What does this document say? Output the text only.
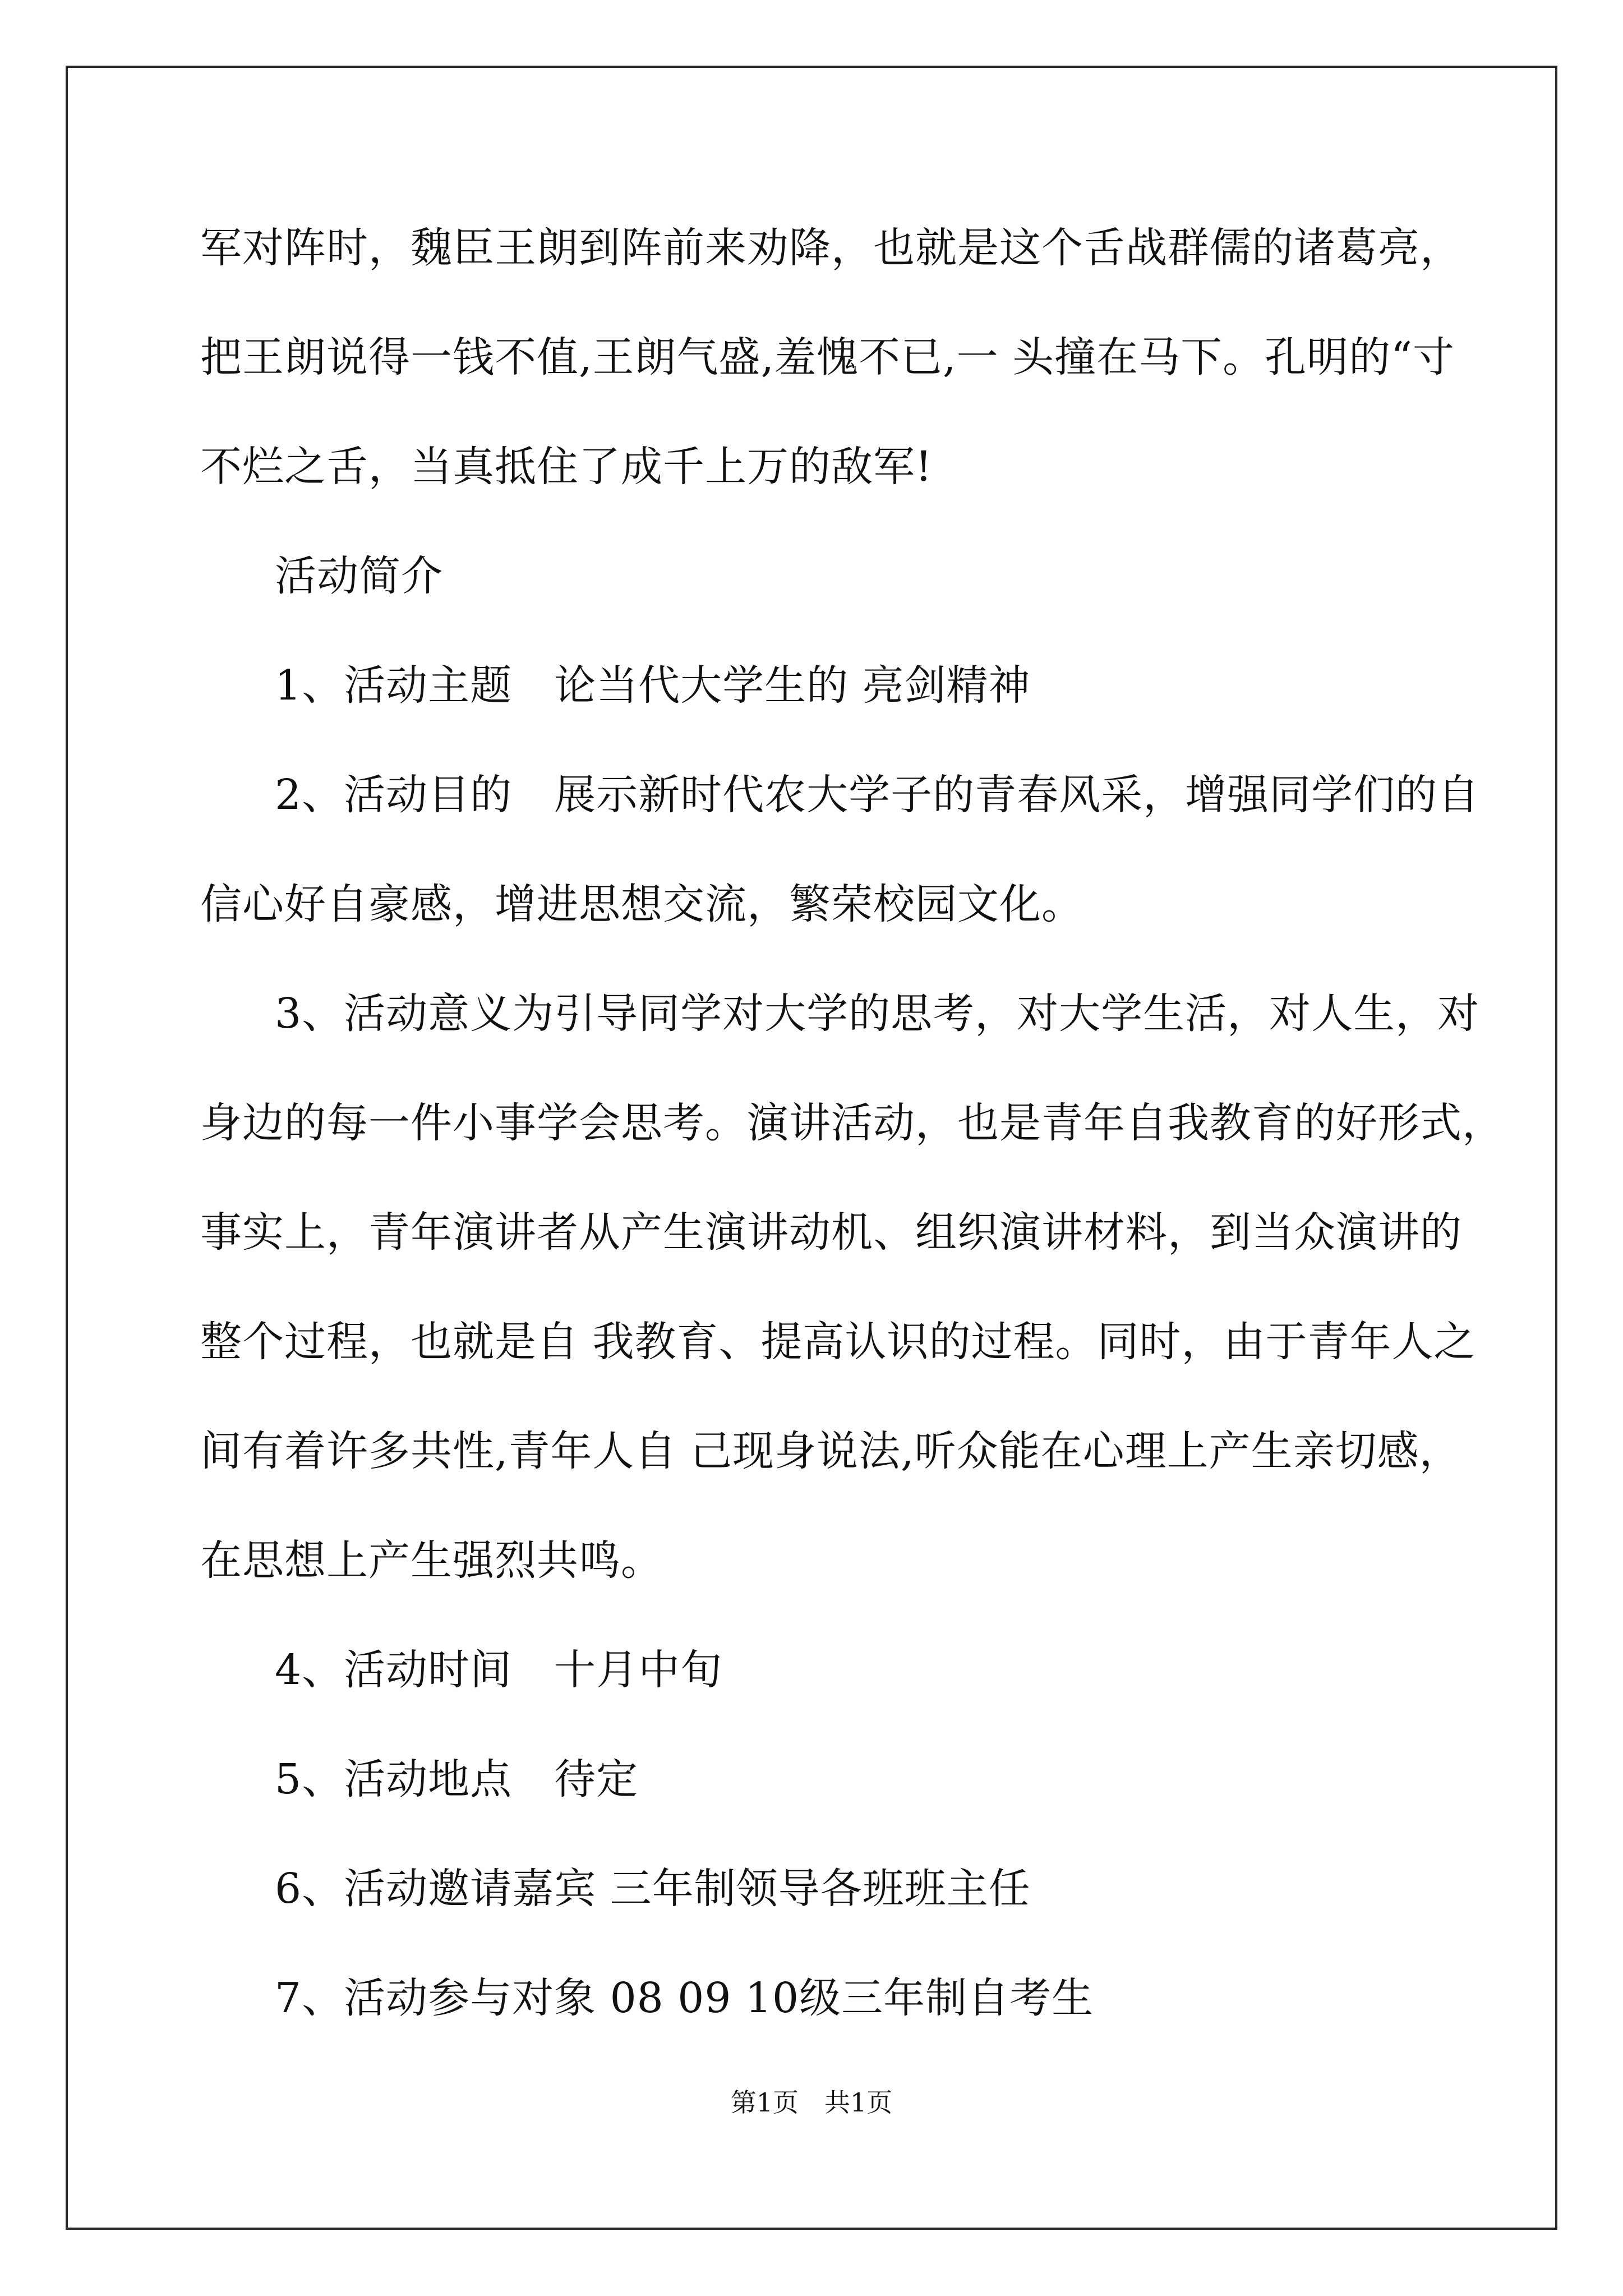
军对阵时，魏臣王朗到阵前来劝降，也就是这个舌战群儒的诸葛亮，
把王朗说得一钱不值,王朗气盛,羞愧不已,一 头撞在马下。孔明的“寸
不烂之舌，当真抵住了成千上万的敌军!
活动简介
1、活动主题　论当代大学生的 亮剑精神
2、活动目的　展示新时代农大学子的青春风采，增强同学们的自
信心好自豪感，增进思想交流，繁荣校园文化。
3、活动意义为引导同学对大学的思考，对大学生活，对人生，对
身边的每一件小事学会思考。演讲活动，也是青年自我教育的好形式，
事实上，青年演讲者从产生演讲动机、组织演讲材料，到当众演讲的
整个过程，也就是自 我教育、提高认识的过程。同时，由于青年人之
间有着许多共性,青年人自 己现身说法,听众能在心理上产生亲切感，
在思想上产生强烈共鸣。
4、活动时间　十月中旬
5、活动地点　待定
6、活动邀请嘉宾 三年制领导各班班主任
7、活动参与对象 08 09 10级三年制自考生
第1页　共1页
